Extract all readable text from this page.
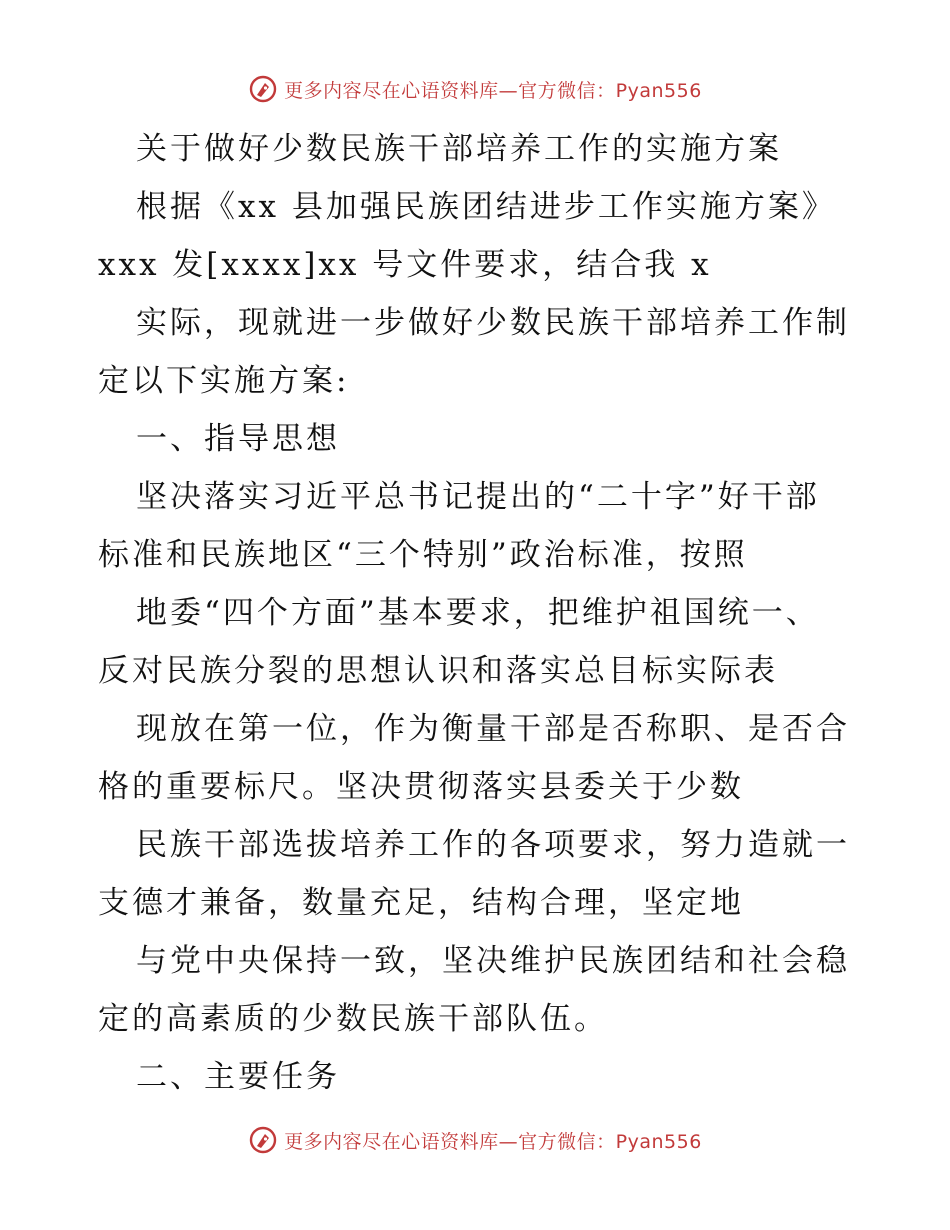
更多内容尽在心语资料库—官方微信：Pyan556

关于做好少数民族干部培养工作的实施方案

根据《xx 县加强民族团结进步工作实施方案》

xxx 发[xxxx]xx 号文件要求，结合我 x

实际，现就进一步做好少数民族干部培养工作制

定以下实施方案:

一、指导思想

坚决落实习近平总书记提出的“二十字”好干部

标准和民族地区“三个特别”政治标准，按照

地委“四个方面”基本要求，把维护祖国统一、

反对民族分裂的思想认识和落实总目标实际表

现放在第一位，作为衡量干部是否称职、是否合

格的重要标尺。坚决贯彻落实县委关于少数

民族干部选拔培养工作的各项要求，努力造就一

支德才兼备，数量充足，结构合理，坚定地

与党中央保持一致，坚决维护民族团结和社会稳

定的高素质的少数民族干部队伍。

二、主要任务

更多内容尽在心语资料库—官方微信：Pyan556
